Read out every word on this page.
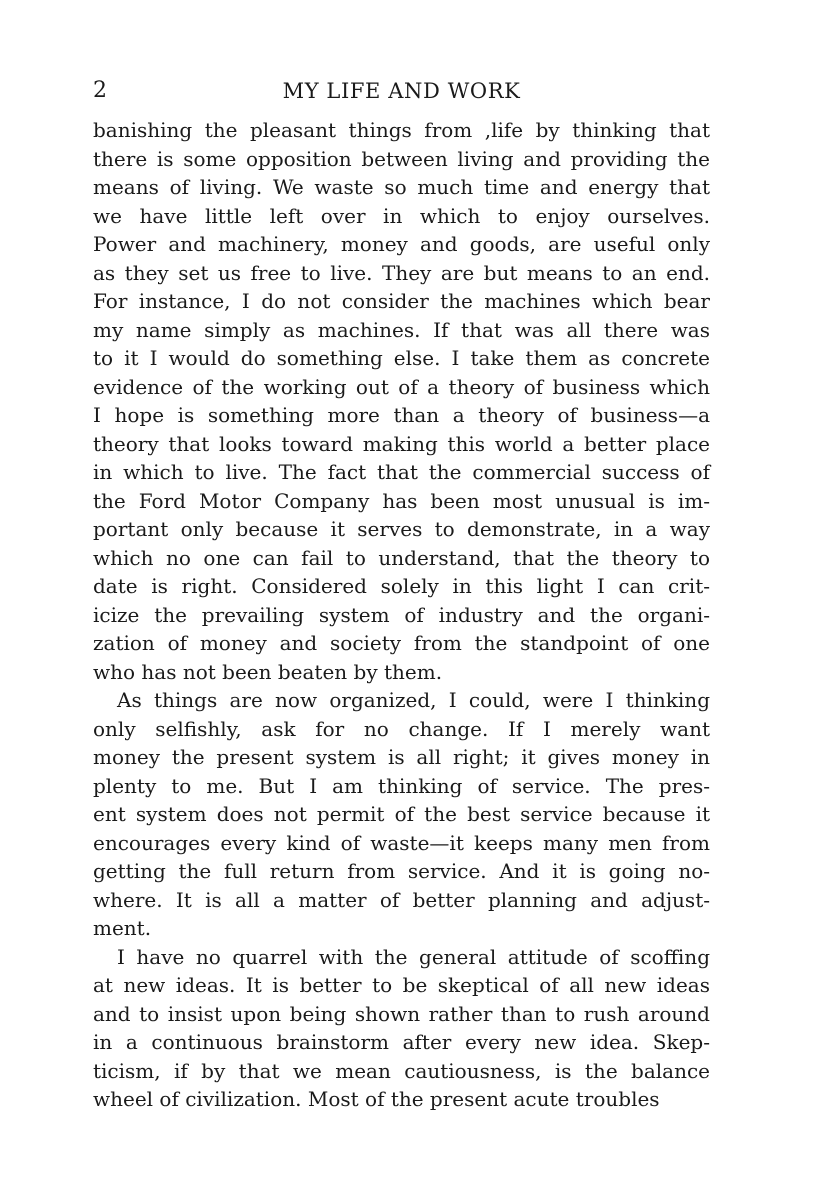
2	MY LIFE AND WORK
banishing the pleasant things from ,life by thinking that
there is some opposition between living and providing the
means of living. We waste so much time and energy that
we have little left over in which to enjoy ourselves.
Power and machinery, money and goods, are useful only
as they set us free to live. They are but means to an end.
For instance, I do not consider the machines which bear
my name simply as machines. If that was all there was
to it I would do something else. I take them as concrete
evidence of the working out of a theory of business which
I hope is something more than a theory of business—a
theory that looks toward making this world a better place
in which to live. The fact that the commercial success of
the Ford Motor Company has been most unusual is im-
portant only because it serves to demonstrate, in a way
which no one can fail to understand, that the theory to
date is right. Considered solely in this light I can crit-
icize the prevailing system of industry and the organi-
zation of money and society from the standpoint of one
who has not been beaten by them.
As things are now organized, I could, were I thinking
only selfishly, ask for no change. If I merely want
money the present system is all right; it gives money in
plenty to me. But I am thinking of service. The pres-
ent system does not permit of the best service because it
encourages every kind of waste—it keeps many men from
getting the full return from service. And it is going no-
where. It is all a matter of better planning and adjust-
ment.
I have no quarrel with the general attitude of scoffing
at new ideas. It is better to be skeptical of all new ideas
and to insist upon being shown rather than to rush around
in a continuous brainstorm after every new idea. Skep-
ticism, if by that we mean cautiousness, is the balance
wheel of civilization. Most of the present acute troubles
